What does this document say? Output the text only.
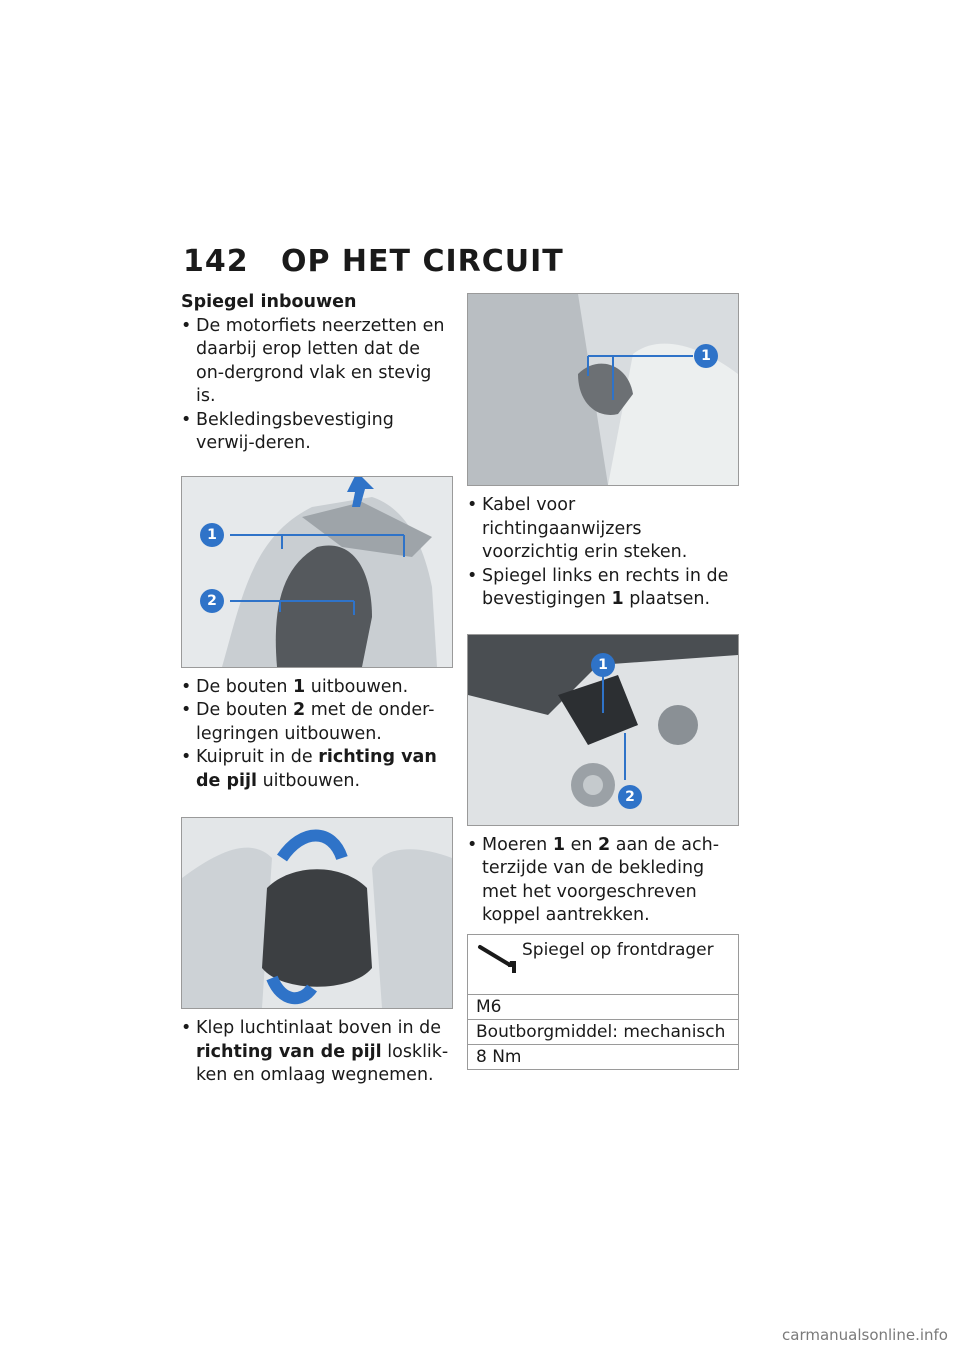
142 OP HET CIRCUIT
Spiegel inbouwen
• De motorfiets neerzetten en daarbij erop letten dat de on-dergrond vlak en stevig is.
• Bekledingsbevestiging verwij-deren.
1
2
• De bouten 1 uitbouwen.
• De bouten 2 met de onder-legringen uitbouwen.
• Kuipruit in de richting van de pijl uitbouwen.
• Klep luchtinlaat boven in de richting van de pijl losklik-ken en omlaag wegnemen.
1
• Kabel voor richtingaanwijzers voorzichtig erin steken.
• Spiegel links en rechts in de bevestigingen 1 plaatsen.
1
2
• Moeren 1 en 2 aan de ach-terzijde van de bekleding met het voorgeschreven koppel aantrekken.
Spiegel op frontdrager
M6
Boutborgmiddel: mechanisch
8 Nm
carmanualsonline.info
